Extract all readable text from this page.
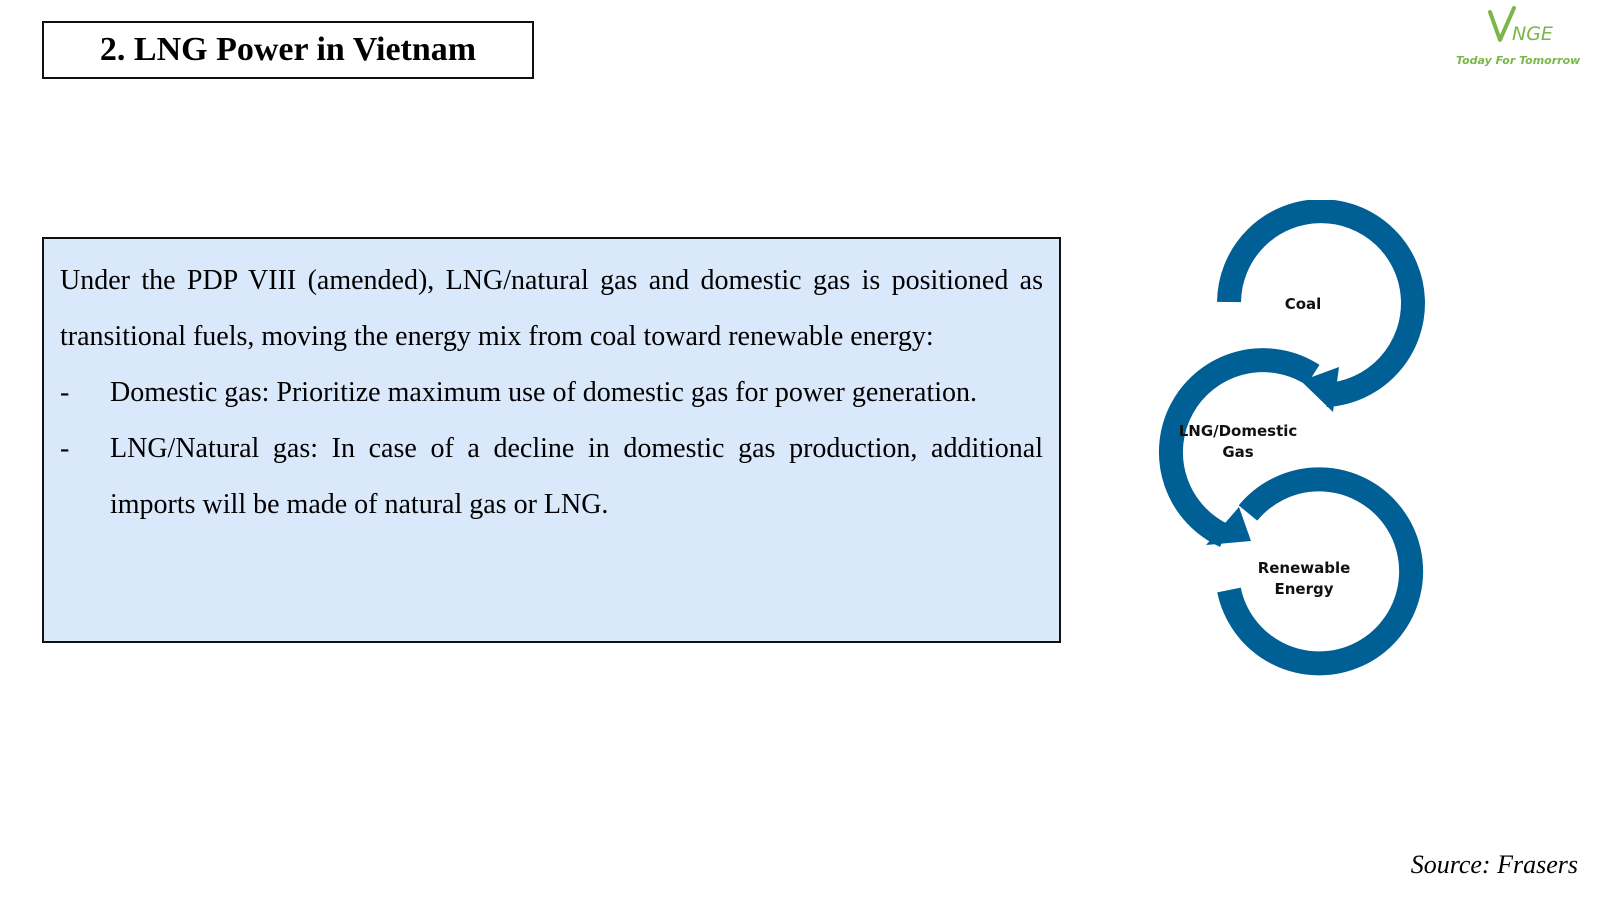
2. LNG Power in Vietnam	NGE
Today For Tomorrow

Under the PDP VIII (amended), LNG/natural gas and domestic gas is positioned as transitional fuels, moving the energy mix from coal toward renewable energy:

- Domestic gas: Prioritize maximum use of domestic gas for power generation.
- LNG/Natural gas: In case of a decline in domestic gas production, additional imports will be made of natural gas or LNG.
Coal
LNG/Domestic
Gas
Renewable
Energy
Source: Frasers
